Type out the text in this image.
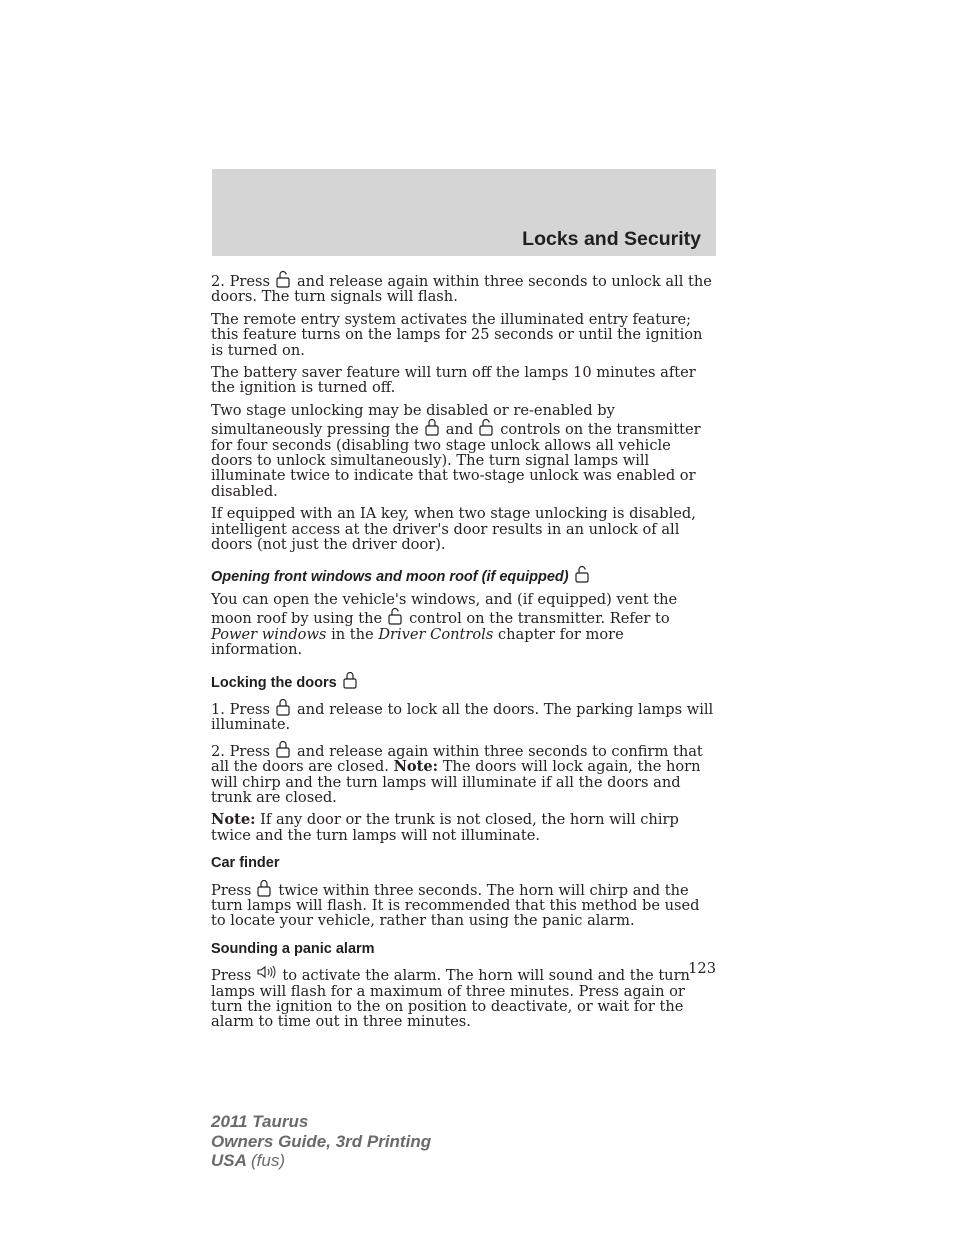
Locks and Security

2. Press and release again within three seconds to unlock all the doors. The turn signals will flash.

The remote entry system activates the illuminated entry feature; this feature turns on the lamps for 25 seconds or until the ignition is turned on.

The battery saver feature will turn off the lamps 10 minutes after the ignition is turned off.

Two stage unlocking may be disabled or re-enabled by simultaneously pressing the and controls on the transmitter for four seconds (disabling two stage unlock allows all vehicle doors to unlock simultaneously). The turn signal lamps will illuminate twice to indicate that two-stage unlock was enabled or disabled.

If equipped with an IA key, when two stage unlocking is disabled, intelligent access at the driver's door results in an unlock of all doors (not just the driver door).

Opening front windows and moon roof (if equipped)

You can open the vehicle's windows, and (if equipped) vent the moon roof by using the control on the transmitter. Refer to Power windows in the Driver Controls chapter for more information.

Locking the doors

1. Press and release to lock all the doors. The parking lamps will illuminate.

2. Press and release again within three seconds to confirm that all the doors are closed. Note: The doors will lock again, the horn will chirp and the turn lamps will illuminate if all the doors and trunk are closed.

Note: If any door or the trunk is not closed, the horn will chirp twice and the turn lamps will not illuminate.

Car finder

Press twice within three seconds. The horn will chirp and the turn lamps will flash. It is recommended that this method be used to locate your vehicle, rather than using the panic alarm.

Sounding a panic alarm

Press to activate the alarm. The horn will sound and the turn lamps will flash for a maximum of three minutes. Press again or turn the ignition to the on position to deactivate, or wait for the alarm to time out in three minutes.

123
2011 Taurus
Owners Guide, 3rd Printing
USA (fus)
